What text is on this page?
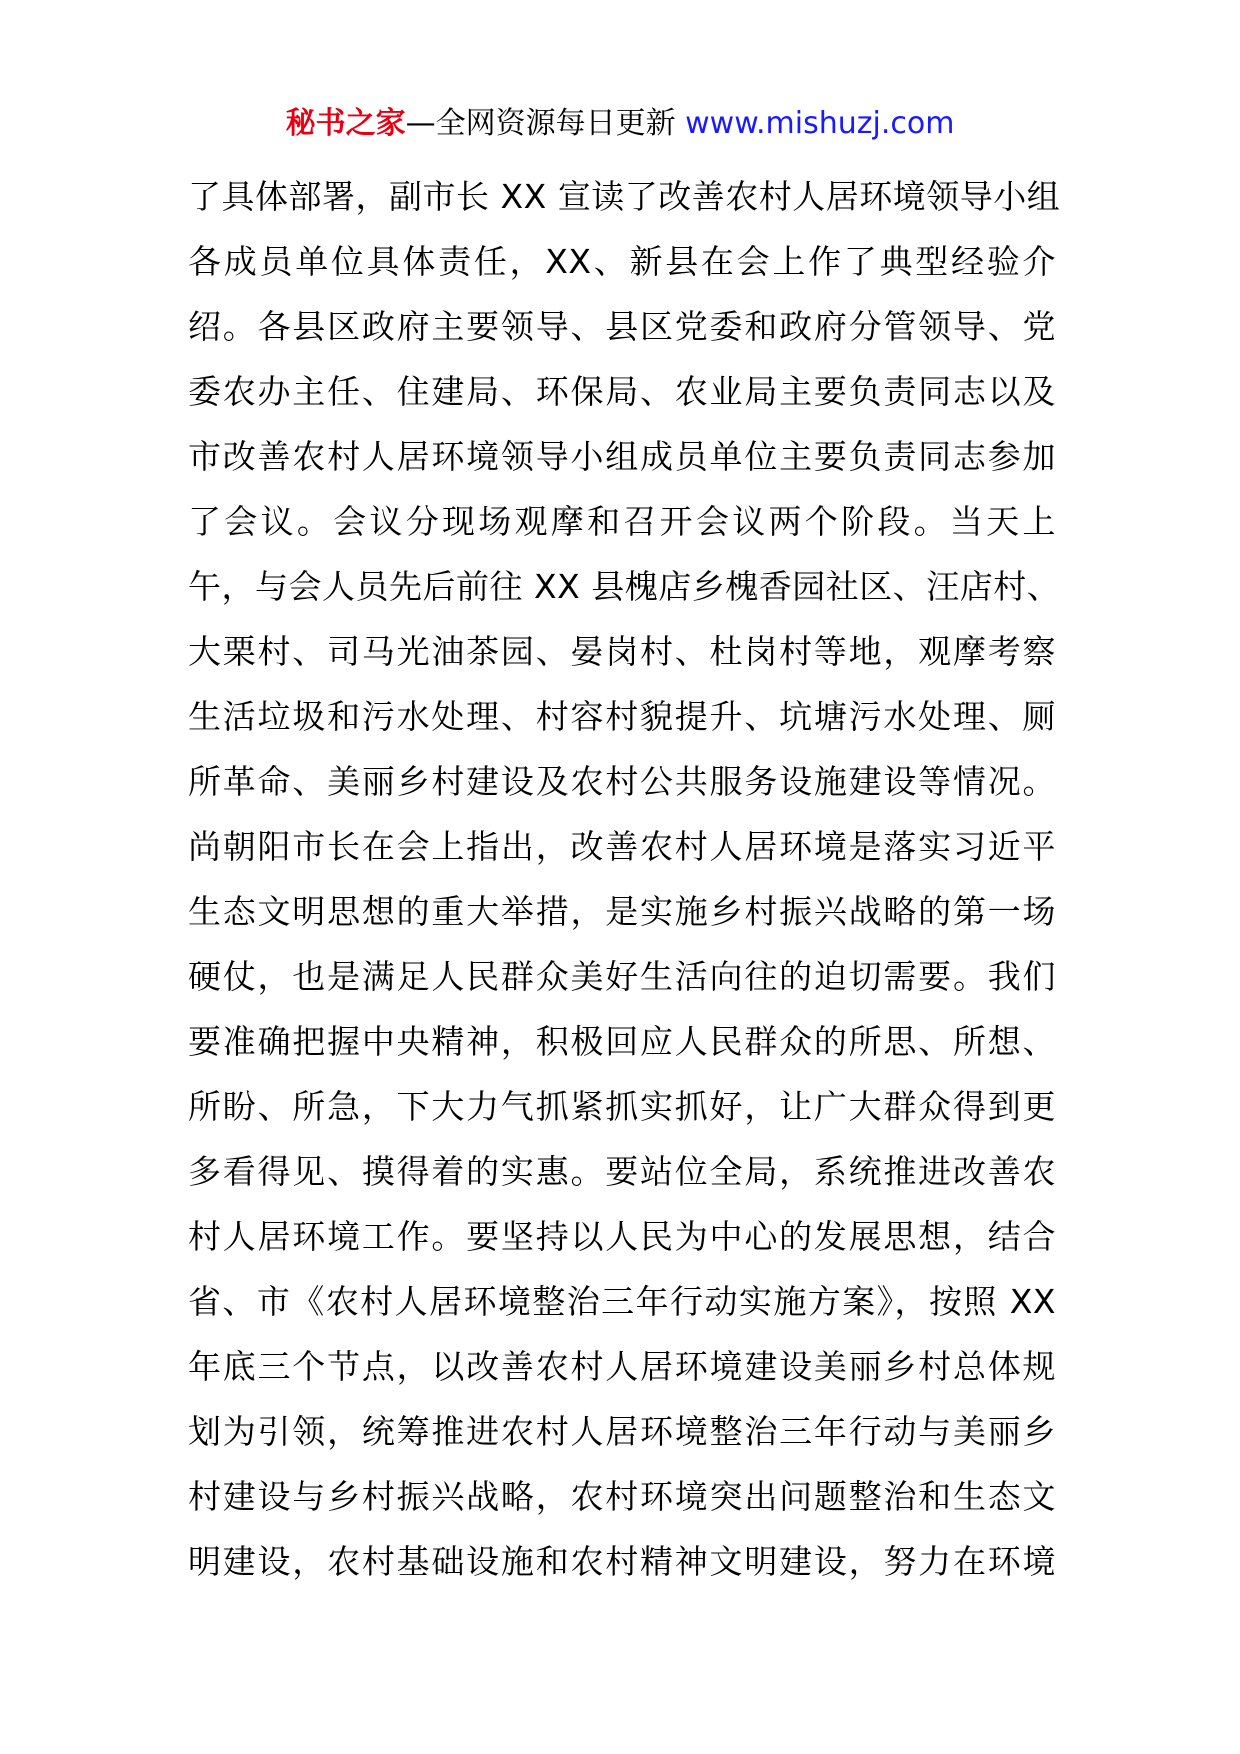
秘书之家—全网资源每日更新 www.mishuzj.com
了具体部署，副市长 XX 宣读了改善农村人居环境领导小组
各成员单位具体责任，XX、新县在会上作了典型经验介
绍。各县区政府主要领导、县区党委和政府分管领导、党
委农办主任、住建局、环保局、农业局主要负责同志以及
市改善农村人居环境领导小组成员单位主要负责同志参加
了会议。会议分现场观摩和召开会议两个阶段。当天上
午，与会人员先后前往 XX 县槐店乡槐香园社区、汪店村、
大栗村、司马光油茶园、晏岗村、杜岗村等地，观摩考察
生活垃圾和污水处理、村容村貌提升、坑塘污水处理、厕
所革命、美丽乡村建设及农村公共服务设施建设等情况。
尚朝阳市长在会上指出，改善农村人居环境是落实习近平
生态文明思想的重大举措，是实施乡村振兴战略的第一场
硬仗，也是满足人民群众美好生活向往的迫切需要。我们
要准确把握中央精神，积极回应人民群众的所思、所想、
所盼、所急，下大力气抓紧抓实抓好，让广大群众得到更
多看得见、摸得着的实惠。要站位全局，系统推进改善农
村人居环境工作。要坚持以人民为中心的发展思想，结合
省、市《农村人居环境整治三年行动实施方案》，按照 XX
年底三个节点，以改善农村人居环境建设美丽乡村总体规
划为引领，统筹推进农村人居环境整治三年行动与美丽乡
村建设与乡村振兴战略，农村环境突出问题整治和生态文
明建设，农村基础设施和农村精神文明建设，努力在环境
